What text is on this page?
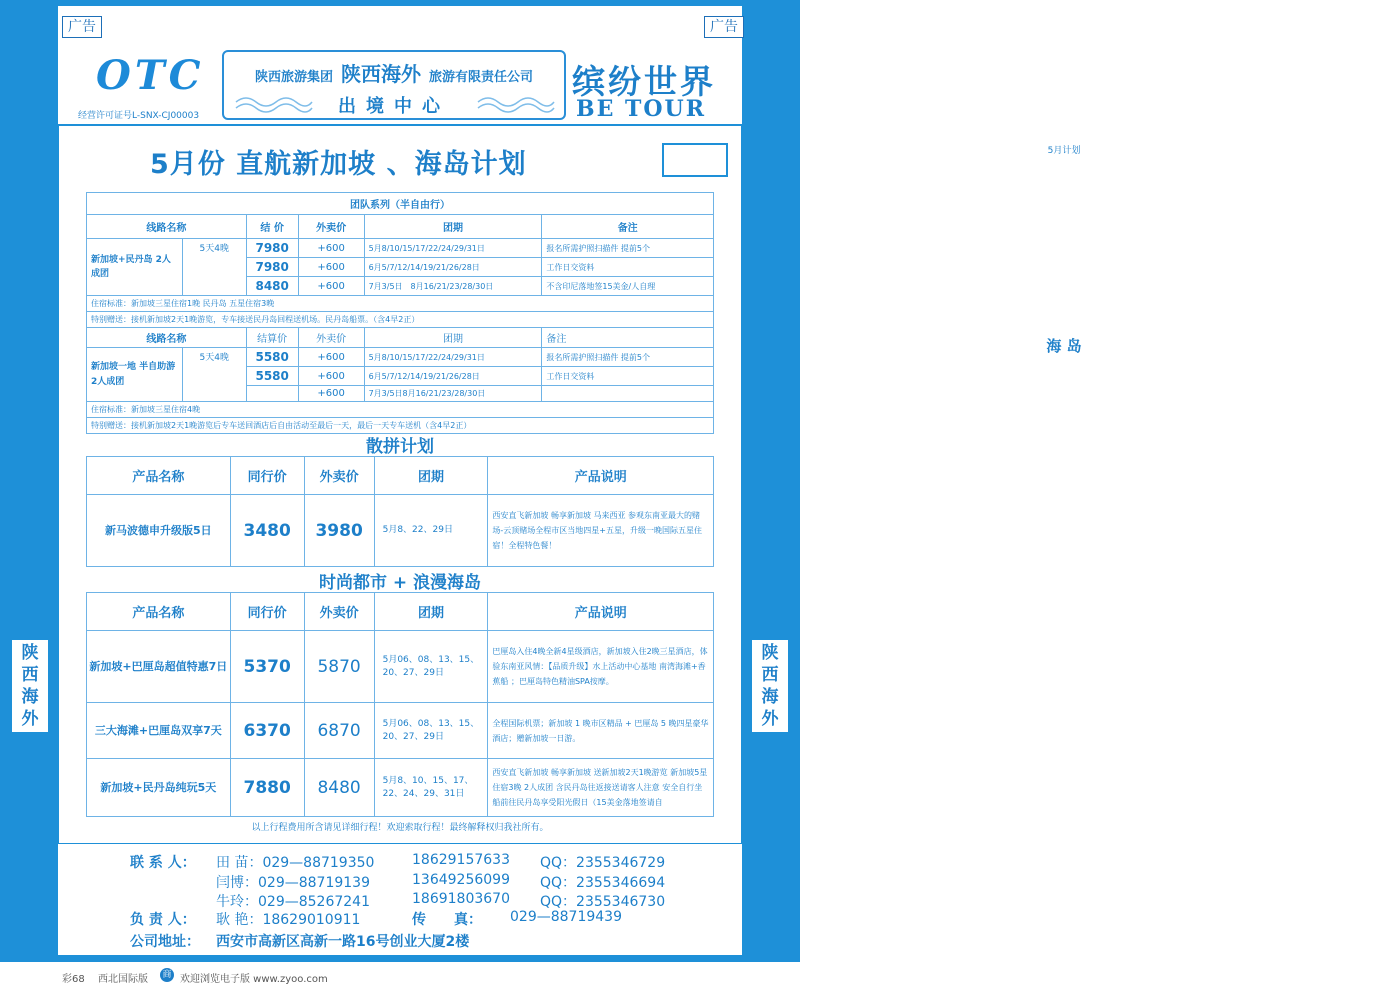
广告	广告
陕
西
海
外
陕
西
海
外
OTC
经营许可证号L-SNX-CJ00003
陕西旅游集团 陕西海外 旅游有限责任公司
出境中心
缤纷世界
BE TOUR
5月份 直航新加坡 、海岛计划
海 岛
5月计划
团队系列（半自由行）					
线路名称		结 价	外卖价	团期	备注
新加坡+民丹岛 2人成团	5天4晚	7980	+600	5月8/10/15/17/22/24/29/31日	报名所需护照扫描件 提前5个
		7980	+600	6月5/7/12/14/19/21/26/28日	工作日交资料
		8480	+600	7月3/5日　8月16/21/23/28/30日	不含印尼落地签15美金/人自理
住宿标准：新加坡三星住宿1晚 民丹岛 五星住宿3晚					
特别赠送：接机新加坡2天1晚游览，专车接送民丹岛回程送机场。民丹岛船票。（含4早2正）					
线路名称		结算价	外卖价	团期	备注
新加坡一地 半自助游 2人成团	5天4晚	5580	+600	5月8/10/15/17/22/24/29/31日	报名所需护照扫描件 提前5个
		5580	+600	6月5/7/12/14/19/21/26/28日	工作日交资料
			+600	7月3/5日8月16/21/23/28/30日	
住宿标准：新加坡三星住宿4晚					
特别赠送：接机新加坡2天1晚游览后专车送回酒店后自由活动至最后一天，最后一天专车送机（含4早2正）					
散拼计划
产品名称	同行价	外卖价	团期	产品说明
新马波德申升级版5日	3480	3980	5月8、22、29日	西安直飞新加坡 畅享新加坡 马来西亚 参观东南亚最大的赌场-云顶赌场全程市区当地四星+五星，升级一晚国际五星住宿！全程特色餐！
时尚都市 + 浪漫海岛
产品名称	同行价	外卖价	团期	产品说明
新加坡+巴厘岛超值特惠7日	5370	5870	5月06、08、13、15、20、27、29日	巴厘岛入住4晚全新4星级酒店，新加坡入住2晚三星酒店，体验东南亚风情：【品质升级】水上活动中心基地 南湾海滩+香蕉船 ；巴厘岛特色精油SPA按摩。
三大海滩+巴厘岛双享7天	6370	6870	5月06、08、13、15、20、27、29日	全程国际机票；新加坡 1 晚市区精品 + 巴厘岛 5 晚四星豪华酒店；赠新加坡一日游。
新加坡+民丹岛纯玩5天	7880	8480	5月8、10、15、17、22、24、29、31日	西安直飞新加坡 畅享新加坡 送新加坡2天1晚游览 新加坡5星住宿3晚 2人成团 含民丹岛往返接送请客人注意 安全自行坐船前往民丹岛享受阳光假日（15美金落地签请自
以上行程费用所含请见详细行程！欢迎索取行程！最终解释权归我社所有。
联 系 人： 田 苗：029—88719350	18629157633 QQ：2355346729
闫博：029—88719139	13649256099 QQ：2355346694
牛玲：029—85267241	18691803670 QQ：2355346730
负 责 人： 耿 艳：18629010911	传　　真： 029—88719439
公司地址： 西安市高新区高新一路16号创业大厦2楼
彩68 西北国际版 商 欢迎浏览电子版 www.zyoo.com
